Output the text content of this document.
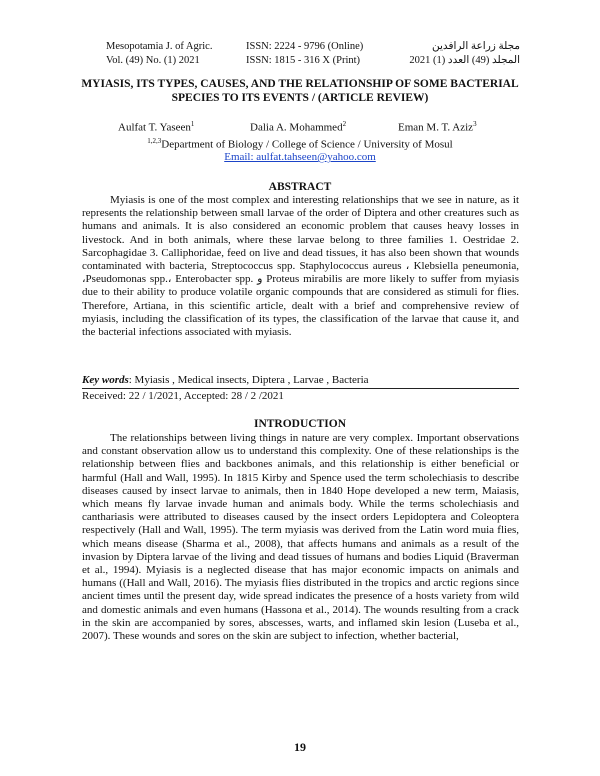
Mesopotamia J. of Agric.
Vol. (49) No. (1) 2021
ISSN: 2224 - 9796 (Online)
ISSN: 1815 - 316 X (Print)
مجلة زراعة الرافدين
المجلد (49) العدد (1) 2021
MYIASIS, ITS TYPES, CAUSES, AND THE RELATIONSHIP OF SOME BACTERIAL SPECIES TO ITS EVENTS / (ARTICLE REVIEW)
Aulfat T. Yaseen$^1$	Dalia A. Mohammed$^2$	Eman M. T. Aziz$^3$
$^{1,2,3}$Department of Biology / College of Science / University of Mosul
Email: aulfat.tahseen@yahoo.com
ABSTRACT

Myiasis is one of the most complex and interesting relationships that we see in nature, as it represents the relationship between small larvae of the order of Diptera and other creatures such as humans and animals. It is also considered an economic problem that causes heavy losses in livestock. And in both animals, where these larvae belong to three families 1. Oestridae 2. Sarcophagidae 3. Calliphoridae, feed on live and dead tissues, it has also been shown that wounds contaminated with bacteria, Streptococcus spp. Staphylococcus aureus ، Klebsiella peneumonia, ،Pseudomonas spp.، Enterobacter spp. و Proteus mirabilis are more likely to suffer from myiasis due to their ability to produce volatile organic compounds that are considered as stimuli for flies. Therefore, Artiana, in this scientific article, dealt with a brief and comprehensive review of myiasis, including the classification of its types, the classification of the larvae that cause it, and the bacterial infections associated with myiasis.

Key words: Myiasis , Medical insects, Diptera , Larvae , Bacteria
Received: 22 / 1/2021, Accepted: 28 / 2 /2021
INTRODUCTION

The relationships between living things in nature are very complex. Important observations and constant observation allow us to understand this complexity. One of these relationships is the relationship between flies and backbones animals, and this relationship is either beneficial or harmful (Hall and Wall, 1995). In 1815 Kirby and Spence used the term scholechiasis to describe diseases caused by insect larvae to animals, then in 1840 Hope developed a new term, Maiasis, which means fly larvae invade human and animals body. While the terms scholechiasis and canthariasis were attributed to diseases caused by the insect orders Lepidoptera and Coleoptera respectively (Hall and Wall, 1995). The term myiasis was derived from the Latin word muia flies, which means disease (Sharma et al., 2008), that affects humans and animals as a result of the invasion by Diptera larvae of the living and dead tissues of humans and bodies Liquid (Braverman et al., 1994). Myiasis is a neglected disease that has major economic impacts on animals and humans ((Hall and Wall, 2016). The myiasis flies distributed in the tropics and arctic regions since ancient times until the present day, wide spread indicates the presence of a hosts variety from wild and domestic animals and even humans (Hassona et al., 2014). The wounds resulting from a crack in the skin are accompanied by sores, abscesses, warts, and inflamed skin lesion (Luseba et al., 2007). These wounds and sores on the skin are subject to infection, whether bacterial,

19
